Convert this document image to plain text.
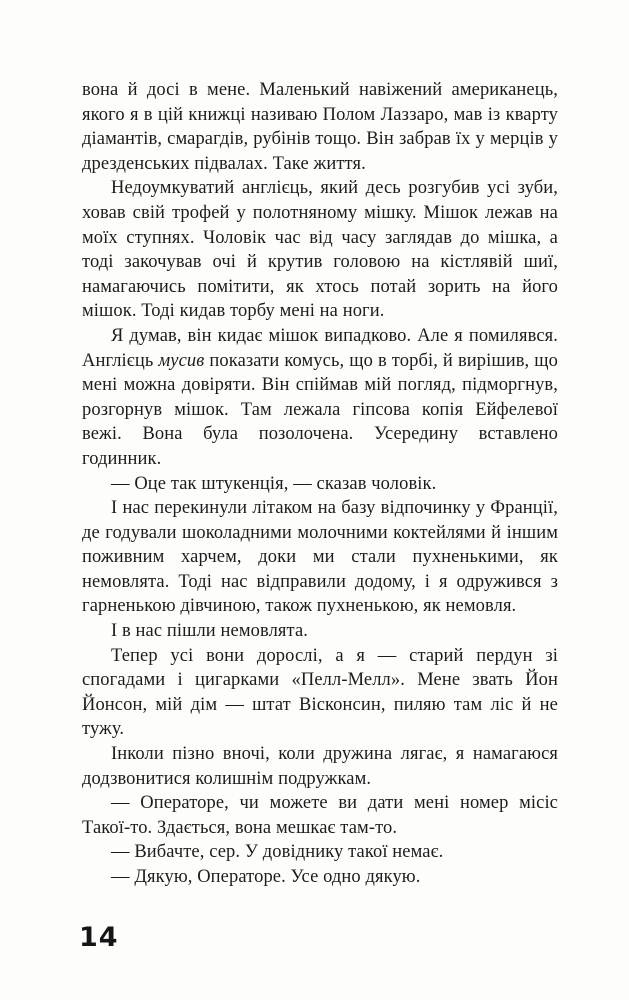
вона й досі в мене. Маленький навіжений американець, якого я в цій книжці називаю Полом Лаззаро, мав із кварту діамантів, смарагдів, рубінів тощо. Він забрав їх у мерців у дрезденських підвалах. Таке життя.

Недоумкуватий англієць, який десь розгубив усі зуби, ховав свій трофей у полотняному мішку. Мішок лежав на моїх ступнях. Чоловік час від часу заглядав до мішка, а тоді закочував очі й крутив головою на кістлявій шиї, намагаючись помітити, як хтось потай зорить на його мішок. Тоді кидав торбу мені на ноги.

Я думав, він кидає мішок випадково. Але я помилявся. Англієць мусив показати комусь, що в торбі, й вирішив, що мені можна довіряти. Він спіймав мій погляд, підморгнув, розгорнув мішок. Там лежала гіпсова копія Ейфелевої вежі. Вона була позолочена. Усередину вставлено годинник.

— Оце так штукенція, — сказав чоловік.

І нас перекинули літаком на базу відпочинку у Франції, де годували шоколадними молочними коктейлями й іншим поживним харчем, доки ми стали пухненькими, як немовлята. Тоді нас відправили додому, і я одружився з гарненькою дівчиною, також пухненькою, як немовля.

І в нас пішли немовлята.

Тепер усі вони дорослі, а я — старий пердун зі спогадами і цигарками «Пелл-Мелл». Мене звать Йон Йонсон, мій дім — штат Вісконсин, пиляю там ліс й не тужу.

Інколи пізно вночі, коли дружина лягає, я намагаюся додзвонитися колишнім подружкам.

— Операторе, чи можете ви дати мені номер місіс Такої-то. Здається, вона мешкає там-то.

— Вибачте, сер. У довіднику такої немає.

— Дякую, Операторе. Усе одно дякую.

14
